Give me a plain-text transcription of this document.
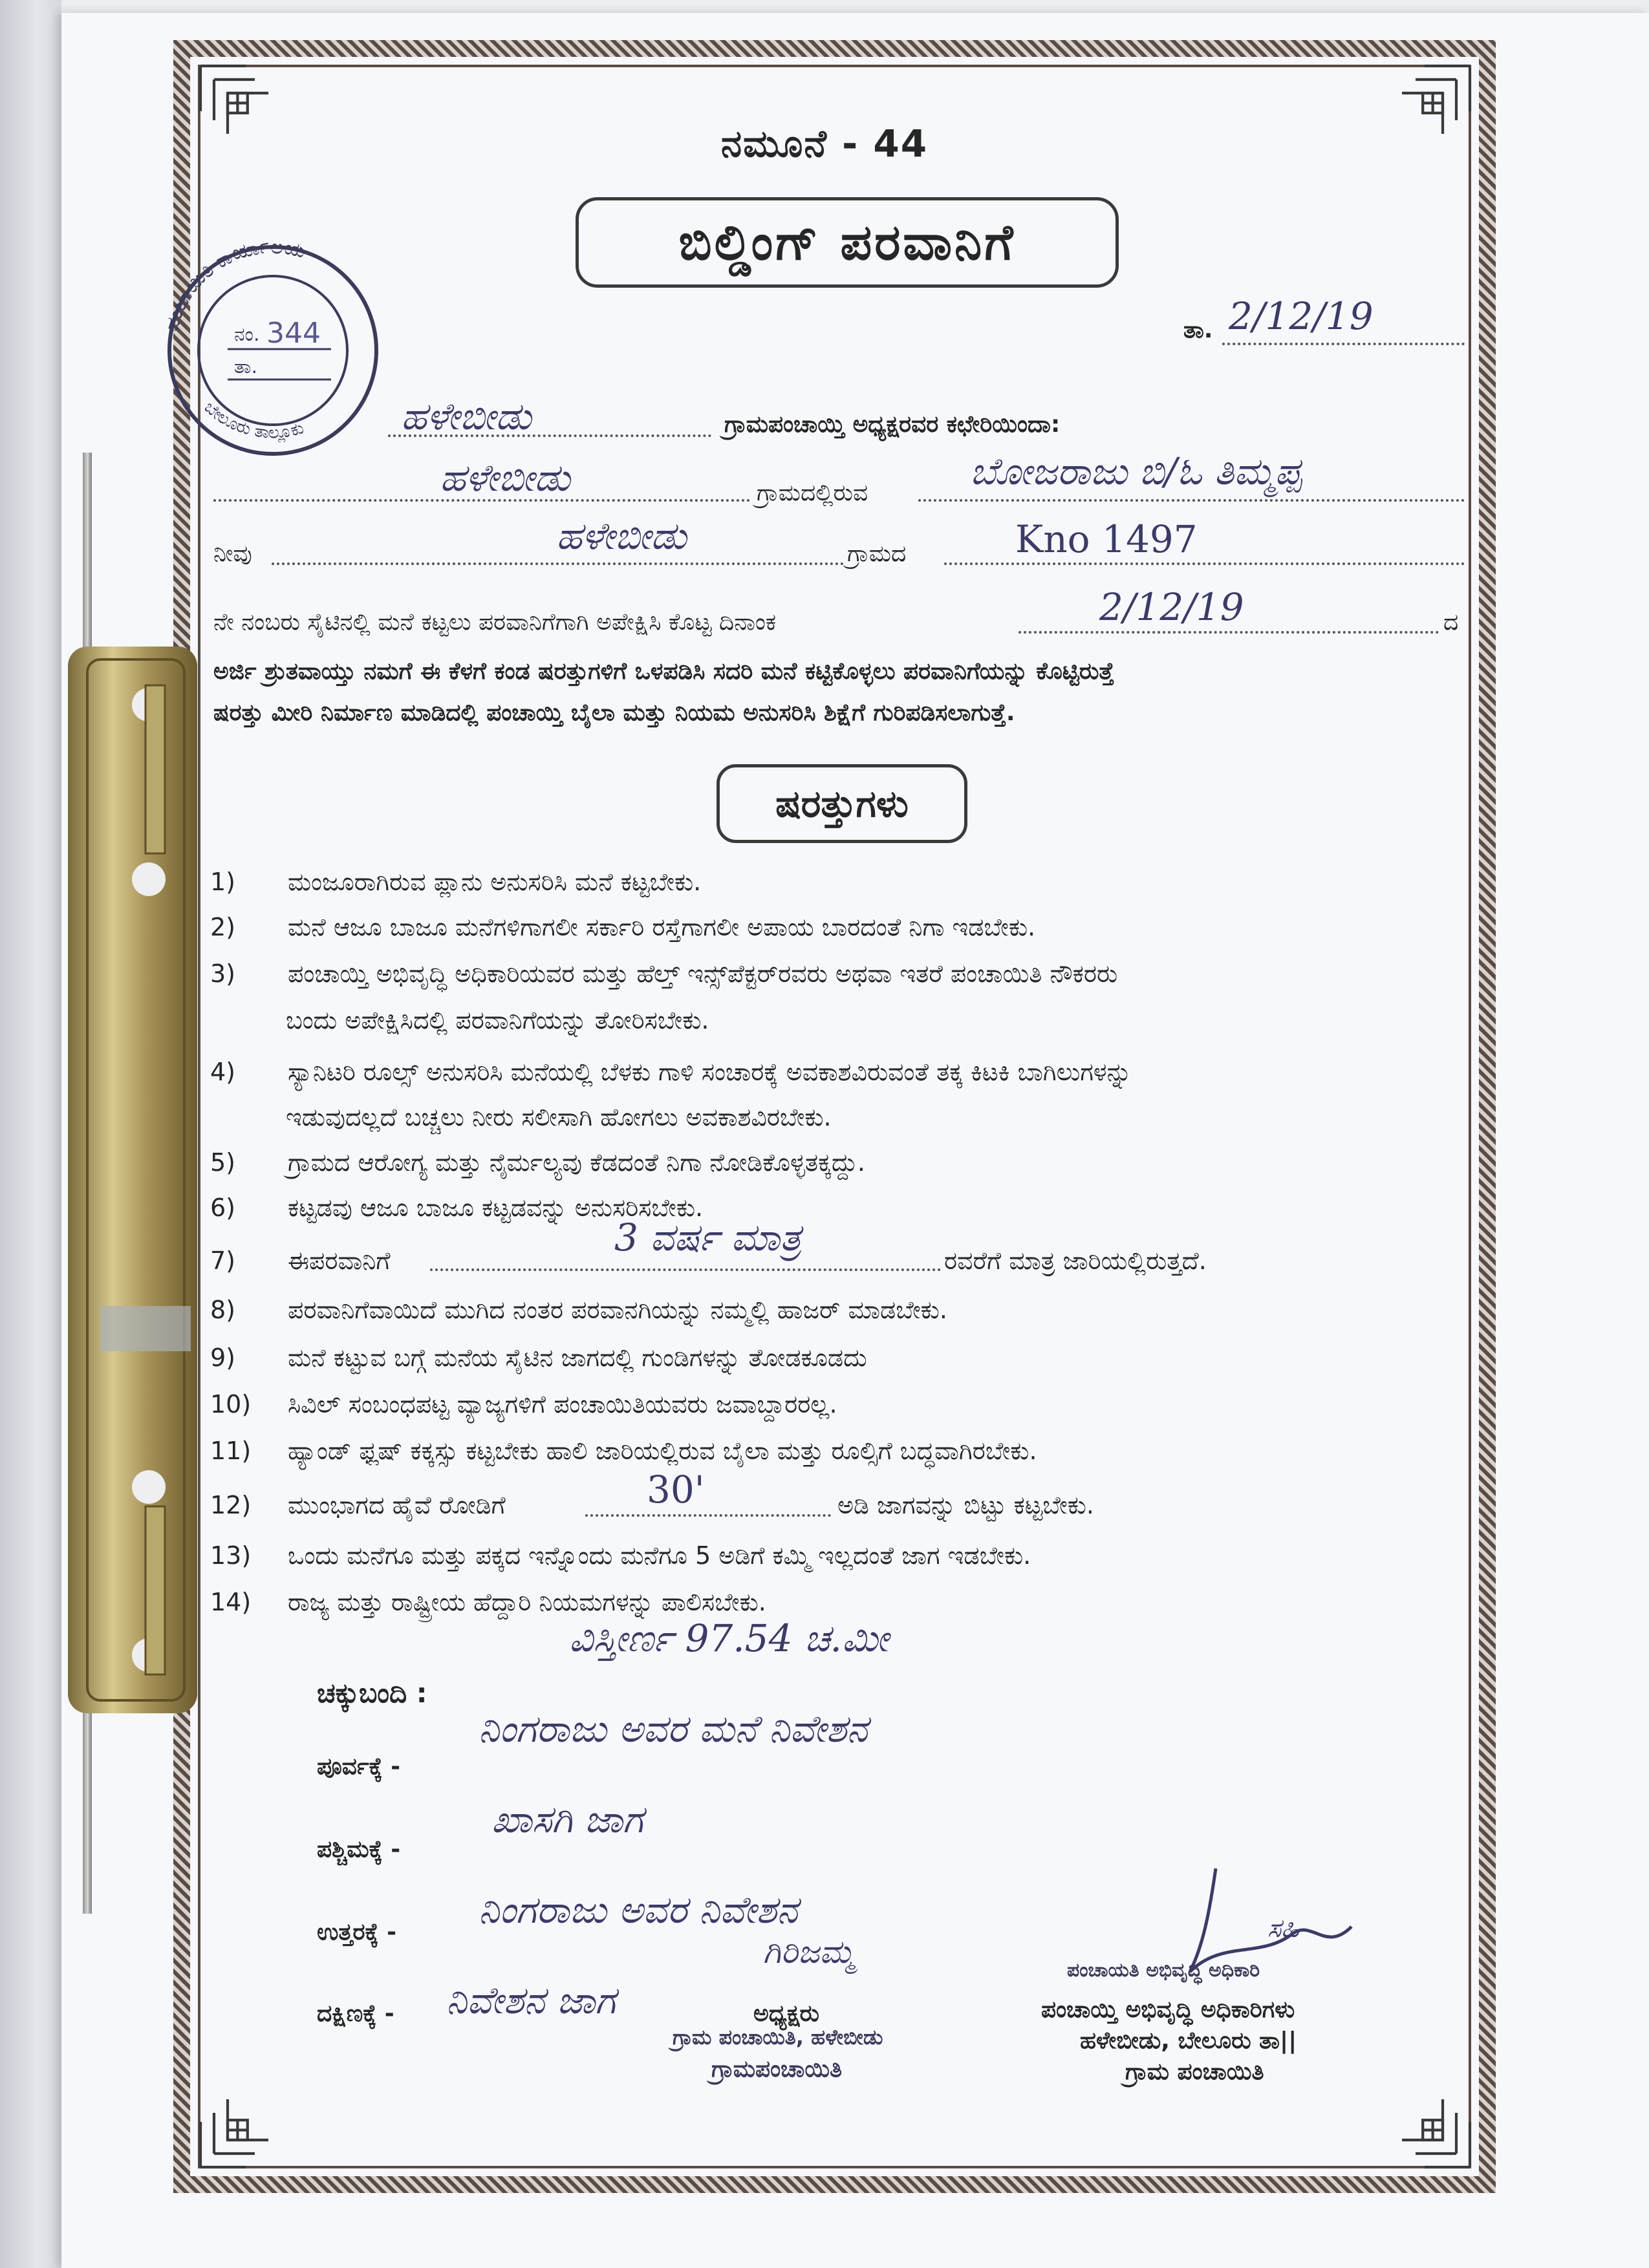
ನಮೂನೆ - 44
ಬಿಲ್ಡಿಂಗ್ ಪರವಾನಿಗೆ
ಪಂಚಾಯಿತಿ ಕಾರ್ಯಾಲಯ
ಬೇಲೂರು ತಾಲ್ಲೂಕು
ನಂ. 344
ತಾ.
ತಾ. 2/12/19
ಹಳೇಬೀಡು	ಗ್ರಾಮಪಂಚಾಯ್ತಿ ಅಧ್ಯಕ್ಷರವರ ಕಛೇರಿಯಿಂದಾ:
ಹಳೇಬೀಡು	ಗ್ರಾಮದಲ್ಲಿರುವ	ಬೋಜರಾಜು ಬಿ/ಓ ತಿಮ್ಮಪ್ಪ
ನೀವು	ಹಳೇಬೀಡು	ಗ್ರಾಮದ	Kno 1497
ನೇ ನಂಬರು ಸೈಟಿನಲ್ಲಿ ಮನೆ ಕಟ್ಟಲು ಪರವಾನಿಗೆಗಾಗಿ ಅಪೇಕ್ಷಿಸಿ ಕೊಟ್ಟ ದಿನಾಂಕ	2/12/19	ದ
ಅರ್ಜಿ ಶ್ರುತವಾಯ್ತು ನಮಗೆ ಈ ಕೆಳಗೆ ಕಂಡ ಷರತ್ತುಗಳಿಗೆ ಒಳಪಡಿಸಿ ಸದರಿ ಮನೆ ಕಟ್ಟಿಕೊಳ್ಳಲು ಪರವಾನಿಗೆಯನ್ನು ಕೊಟ್ಟಿರುತ್ತೆ
ಷರತ್ತು ಮೀರಿ ನಿರ್ಮಾಣ ಮಾಡಿದಲ್ಲಿ ಪಂಚಾಯ್ತಿ ಬೈಲಾ ಮತ್ತು ನಿಯಮ ಅನುಸರಿಸಿ ಶಿಕ್ಷೆಗೆ ಗುರಿಪಡಿಸಲಾಗುತ್ತೆ.
ಷರತ್ತುಗಳು
1) ಮಂಜೂರಾಗಿರುವ ಪ್ಲಾನು ಅನುಸರಿಸಿ ಮನೆ ಕಟ್ಟಬೇಕು.
2) ಮನೆ ಆಜೂ ಬಾಜೂ ಮನೆಗಳಿಗಾಗಲೀ ಸರ್ಕಾರಿ ರಸ್ತೆಗಾಗಲೀ ಅಪಾಯ ಬಾರದಂತೆ ನಿಗಾ ಇಡಬೇಕು.
3) ಪಂಚಾಯ್ತಿ ಅಭಿವೃದ್ಧಿ ಅಧಿಕಾರಿಯವರ ಮತ್ತು ಹೆಲ್ತ್ ಇನ್ಸ್‌ಪೆಕ್ಟರ್‌ರವರು ಅಥವಾ ಇತರೆ ಪಂಚಾಯಿತಿ ನೌಕರರು
ಬಂದು ಅಪೇಕ್ಷಿಸಿದಲ್ಲಿ ಪರವಾನಿಗೆಯನ್ನು ತೋರಿಸಬೇಕು.
4) ಸ್ಯಾನಿಟರಿ ರೂಲ್ಸ್ ಅನುಸರಿಸಿ ಮನೆಯಲ್ಲಿ ಬೆಳಕು ಗಾಳಿ ಸಂಚಾರಕ್ಕೆ ಅವಕಾಶವಿರುವಂತೆ ತಕ್ಕ ಕಿಟಕಿ ಬಾಗಿಲುಗಳನ್ನು
ಇಡುವುದಲ್ಲದೆ ಬಚ್ಚಲು ನೀರು ಸಲೀಸಾಗಿ ಹೋಗಲು ಅವಕಾಶವಿರಬೇಕು.
5) ಗ್ರಾಮದ ಆರೋಗ್ಯ ಮತ್ತು ನೈರ್ಮಲ್ಯವು ಕೆಡದಂತೆ ನಿಗಾ ನೋಡಿಕೊಳ್ಳತಕ್ಕದ್ದು.
6) ಕಟ್ಟಡವು ಆಜೂ ಬಾಜೂ ಕಟ್ಟಡವನ್ನು ಅನುಸರಿಸಬೇಕು.
7) ಈಪರವಾನಿಗೆ
3 ವರ್ಷ ಮಾತ್ರ
ರವರೆಗೆ ಮಾತ್ರ ಜಾರಿಯಲ್ಲಿರುತ್ತದೆ.
8) ಪರವಾನಿಗೆವಾಯಿದೆ ಮುಗಿದ ನಂತರ ಪರವಾನಗಿಯನ್ನು ನಮ್ಮಲ್ಲಿ ಹಾಜರ್ ಮಾಡಬೇಕು.
9) ಮನೆ ಕಟ್ಟುವ ಬಗ್ಗೆ ಮನೆಯ ಸೈಟಿನ ಜಾಗದಲ್ಲಿ ಗುಂಡಿಗಳನ್ನು ತೋಡಕೂಡದು
10) ಸಿವಿಲ್ ಸಂಬಂಧಪಟ್ಟ ವ್ಯಾಜ್ಯಗಳಿಗೆ ಪಂಚಾಯಿತಿಯವರು ಜವಾಬ್ದಾರರಲ್ಲ.
11) ಹ್ಯಾಂಡ್ ಫ್ಲಷ್ ಕಕ್ಕಸ್ಸು ಕಟ್ಟಬೇಕು ಹಾಲಿ ಜಾರಿಯಲ್ಲಿರುವ ಬೈಲಾ ಮತ್ತು ರೂಲ್ಸಿಗೆ ಬದ್ಧವಾಗಿರಬೇಕು.
12) ಮುಂಭಾಗದ ಹೈವೆ ರೋಡಿಗೆ	30'	ಅಡಿ ಜಾಗವನ್ನು ಬಿಟ್ಟು ಕಟ್ಟಬೇಕು.
13) ಒಂದು ಮನೆಗೂ ಮತ್ತು ಪಕ್ಕದ ಇನ್ನೊಂದು ಮನೆಗೂ 5 ಅಡಿಗೆ ಕಮ್ಮಿ ಇಲ್ಲದಂತೆ ಜಾಗ ಇಡಬೇಕು.
14) ರಾಜ್ಯ ಮತ್ತು ರಾಷ್ಟ್ರೀಯ ಹೆದ್ದಾರಿ ನಿಯಮಗಳನ್ನು ಪಾಲಿಸಬೇಕು.
ವಿಸ್ತೀರ್ಣ 97.54 ಚ.ಮೀ
ಚಕ್ಕುಬಂದಿ :
ಪೂರ್ವಕ್ಕೆ -
ನಿಂಗರಾಜು ಅವರ ಮನೆ ನಿವೇಶನ
ಪಶ್ಚಿಮಕ್ಕೆ -
ಖಾಸಗಿ ಜಾಗ
ಉತ್ತರಕ್ಕೆ -
ನಿಂಗರಾಜು ಅವರ ನಿವೇಶನ
ದಕ್ಷಿಣಕ್ಕೆ - ನಿವೇಶನ ಜಾಗ
ಗಿರಿಜಮ್ಮ
ಅಧ್ಯಕ್ಷರು
ಗ್ರಾಮ ಪಂಚಾಯಿತಿ, ಹಳೇಬೀಡು
ಗ್ರಾಮಪಂಚಾಯಿತಿ
ಸಹಿ
ಪಂಚಾಯತಿ ಅಭಿವೃದ್ಧಿ ಅಧಿಕಾರಿ
ಪಂಚಾಯ್ತಿ ಅಭಿವೃದ್ಧಿ ಅಧಿಕಾರಿಗಳು
ಹಳೇಬೀಡು, ಬೇಲೂರು ತಾ||
ಗ್ರಾಮ ಪಂಚಾಯಿತಿ
